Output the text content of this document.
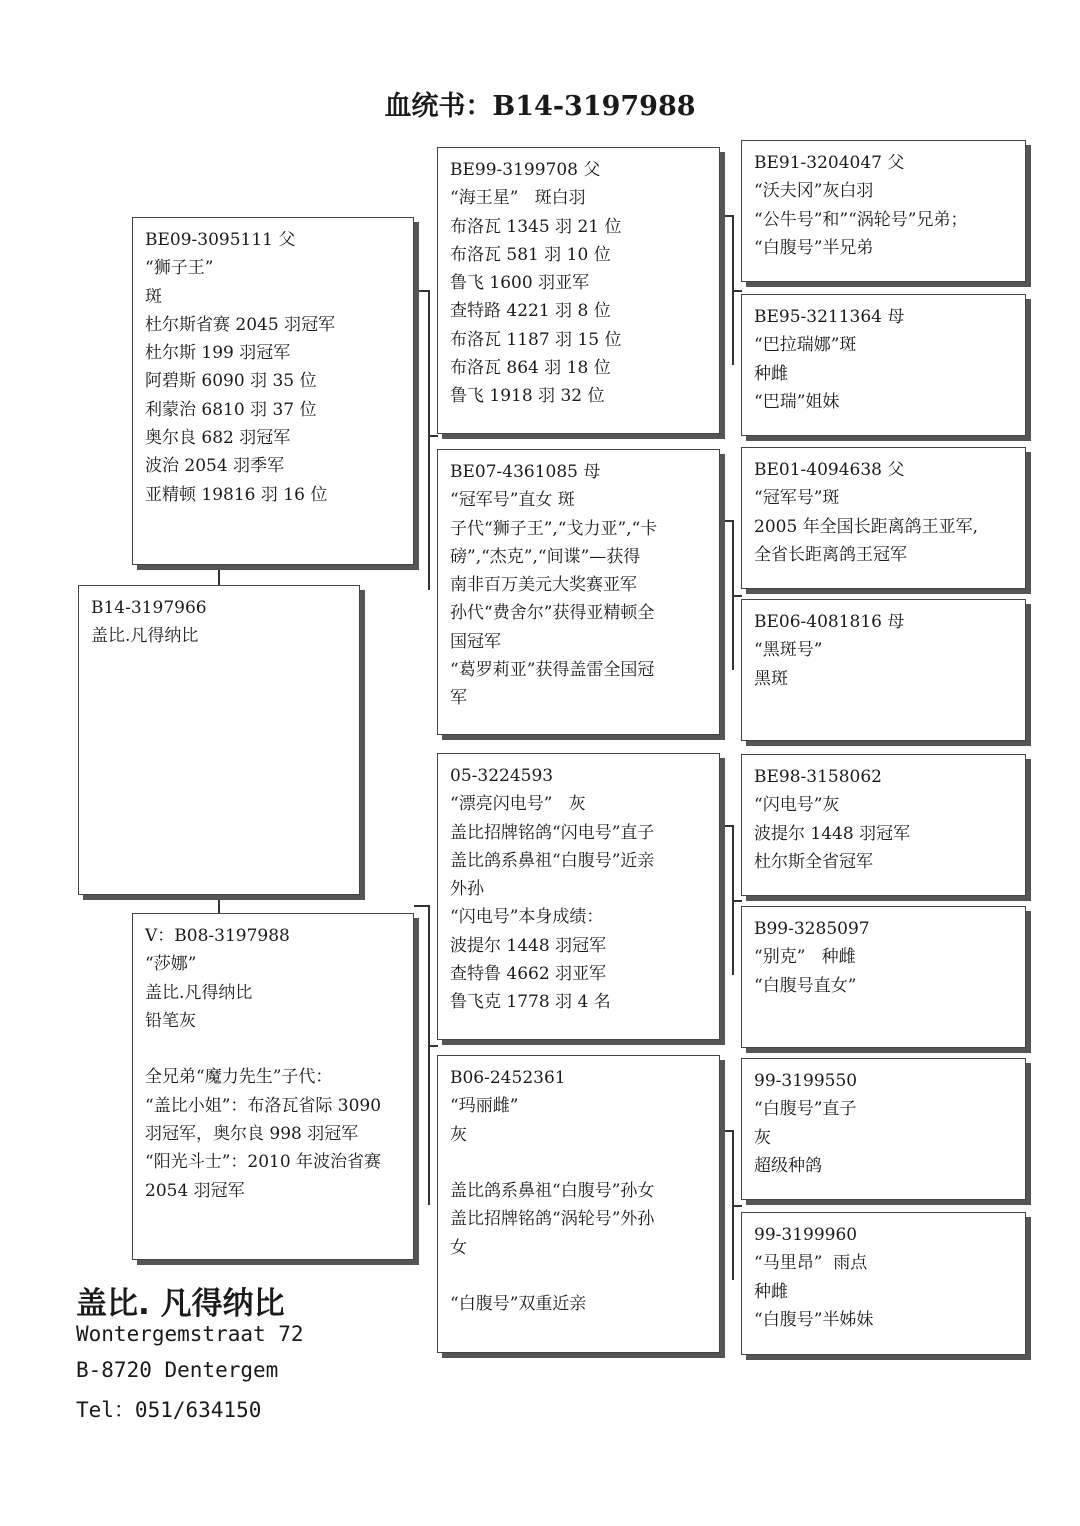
血统书：B14-3197988
B14-3197966
盖比.凡得纳比
BE09-3095111 父
“狮子王”
斑
杜尔斯省赛 2045 羽冠军
杜尔斯 199 羽冠军
阿碧斯 6090 羽 35 位
利蒙治 6810 羽 37 位
奥尔良 682 羽冠军
波治 2054 羽季军
亚精顿 19816 羽 16 位
V：B08-3197988
“莎娜”
盖比.凡得纳比
铅笔灰
全兄弟“魔力先生”子代：
“盖比小姐”：布洛瓦省际 3090
羽冠军，奥尔良 998 羽冠军
“阳光斗士”：2010 年波治省赛
2054 羽冠军
BE99-3199708 父
“海王星”   斑白羽
布洛瓦 1345 羽 21 位
布洛瓦 581 羽 10 位
鲁飞 1600 羽亚军
查特路 4221 羽 8 位
布洛瓦 1187 羽 15 位
布洛瓦 864 羽 18 位
鲁飞 1918 羽 32 位
BE07-4361085 母
“冠军号”直女 斑
子代“狮子王”,“戈力亚”,“卡
磅”,“杰克”,“间谍”—获得
南非百万美元大奖赛亚军
孙代“费舍尔”获得亚精顿全
国冠军
“葛罗莉亚”获得盖雷全国冠
军
05-3224593
“漂亮闪电号”   灰
盖比招牌铭鸽“闪电号”直子
盖比鸽系鼻祖“白腹号”近亲
外孙
“闪电号”本身成绩：
波提尔 1448 羽冠军
查特鲁 4662 羽亚军
鲁飞克 1778 羽 4 名
B06-2452361
“玛丽雌”
灰
盖比鸽系鼻祖“白腹号”孙女
盖比招牌铭鸽“涡轮号”外孙
女
“白腹号”双重近亲
BE91-3204047 父
“沃夫冈”灰白羽
“公牛号”和”“涡轮号”兄弟；
“白腹号”半兄弟
BE95-3211364 母
“巴拉瑞娜”斑
种雌
“巴瑞”姐妹
BE01-4094638 父
“冠军号”斑
2005 年全国长距离鸽王亚军,
全省长距离鸽王冠军
BE06-4081816 母
“黑斑号”
黑斑
BE98-3158062
“闪电号”灰
波提尔 1448 羽冠军
杜尔斯全省冠军
B99-3285097
“别克”   种雌
“白腹号直女”
99-3199550
“白腹号”直子
灰
超级种鸽
99-3199960
“马里昂”  雨点
种雌
“白腹号”半姊妹
盖比. 凡得纳比
Wontergemstraat 72
B-8720 Dentergem
Tel：051/634150
